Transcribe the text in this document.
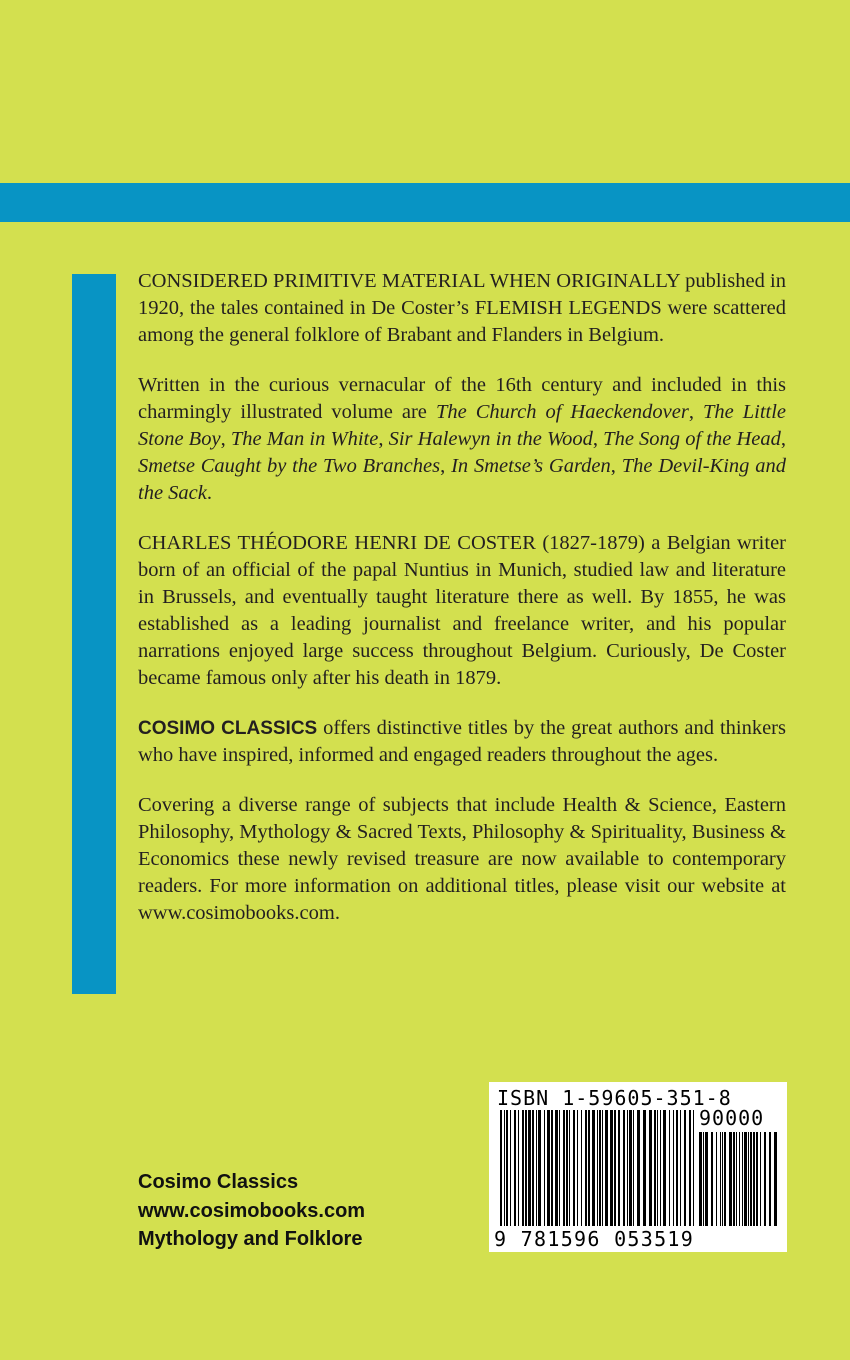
CONSIDERED PRIMITIVE MATERIAL WHEN ORIGINALLY published in 1920, the tales contained in De Coster’s FLEMISH LEGENDS were scattered among the general folklore of Brabant and Flanders in Belgium.

Written in the curious vernacular of the 16th century and included in this charmingly illustrated volume are The Church of Haeckendover, The Little Stone Boy, The Man in White, Sir Halewyn in the Wood, The Song of the Head, Smetse Caught by the Two Branches, In Smetse’s Garden, The Devil-King and the Sack.

CHARLES THÉODORE HENRI DE COSTER (1827-1879) a Belgian writer born of an official of the papal Nuntius in Munich, studied law and literature in Brussels, and eventually taught literature there as well. By 1855, he was established as a leading journalist and freelance writer, and his popular narrations enjoyed large success throughout Belgium. Curiously, De Coster became famous only after his death in 1879.

COSIMO CLASSICS offers distinctive titles by the great authors and thinkers who have inspired, informed and engaged readers throughout the ages.

Covering a diverse range of subjects that include Health & Science, Eastern Philosophy, Mythology & Sacred Texts, Philosophy & Spirituality, Business & Economics these newly revised treasure are now available to contemporary readers. For more information on additional titles, please visit our website at www.cosimobooks.com.

Cosimo Classics
www.cosimobooks.com
Mythology and Folklore
ISBN 1-59605-351-8
90000
9 781596 053519
